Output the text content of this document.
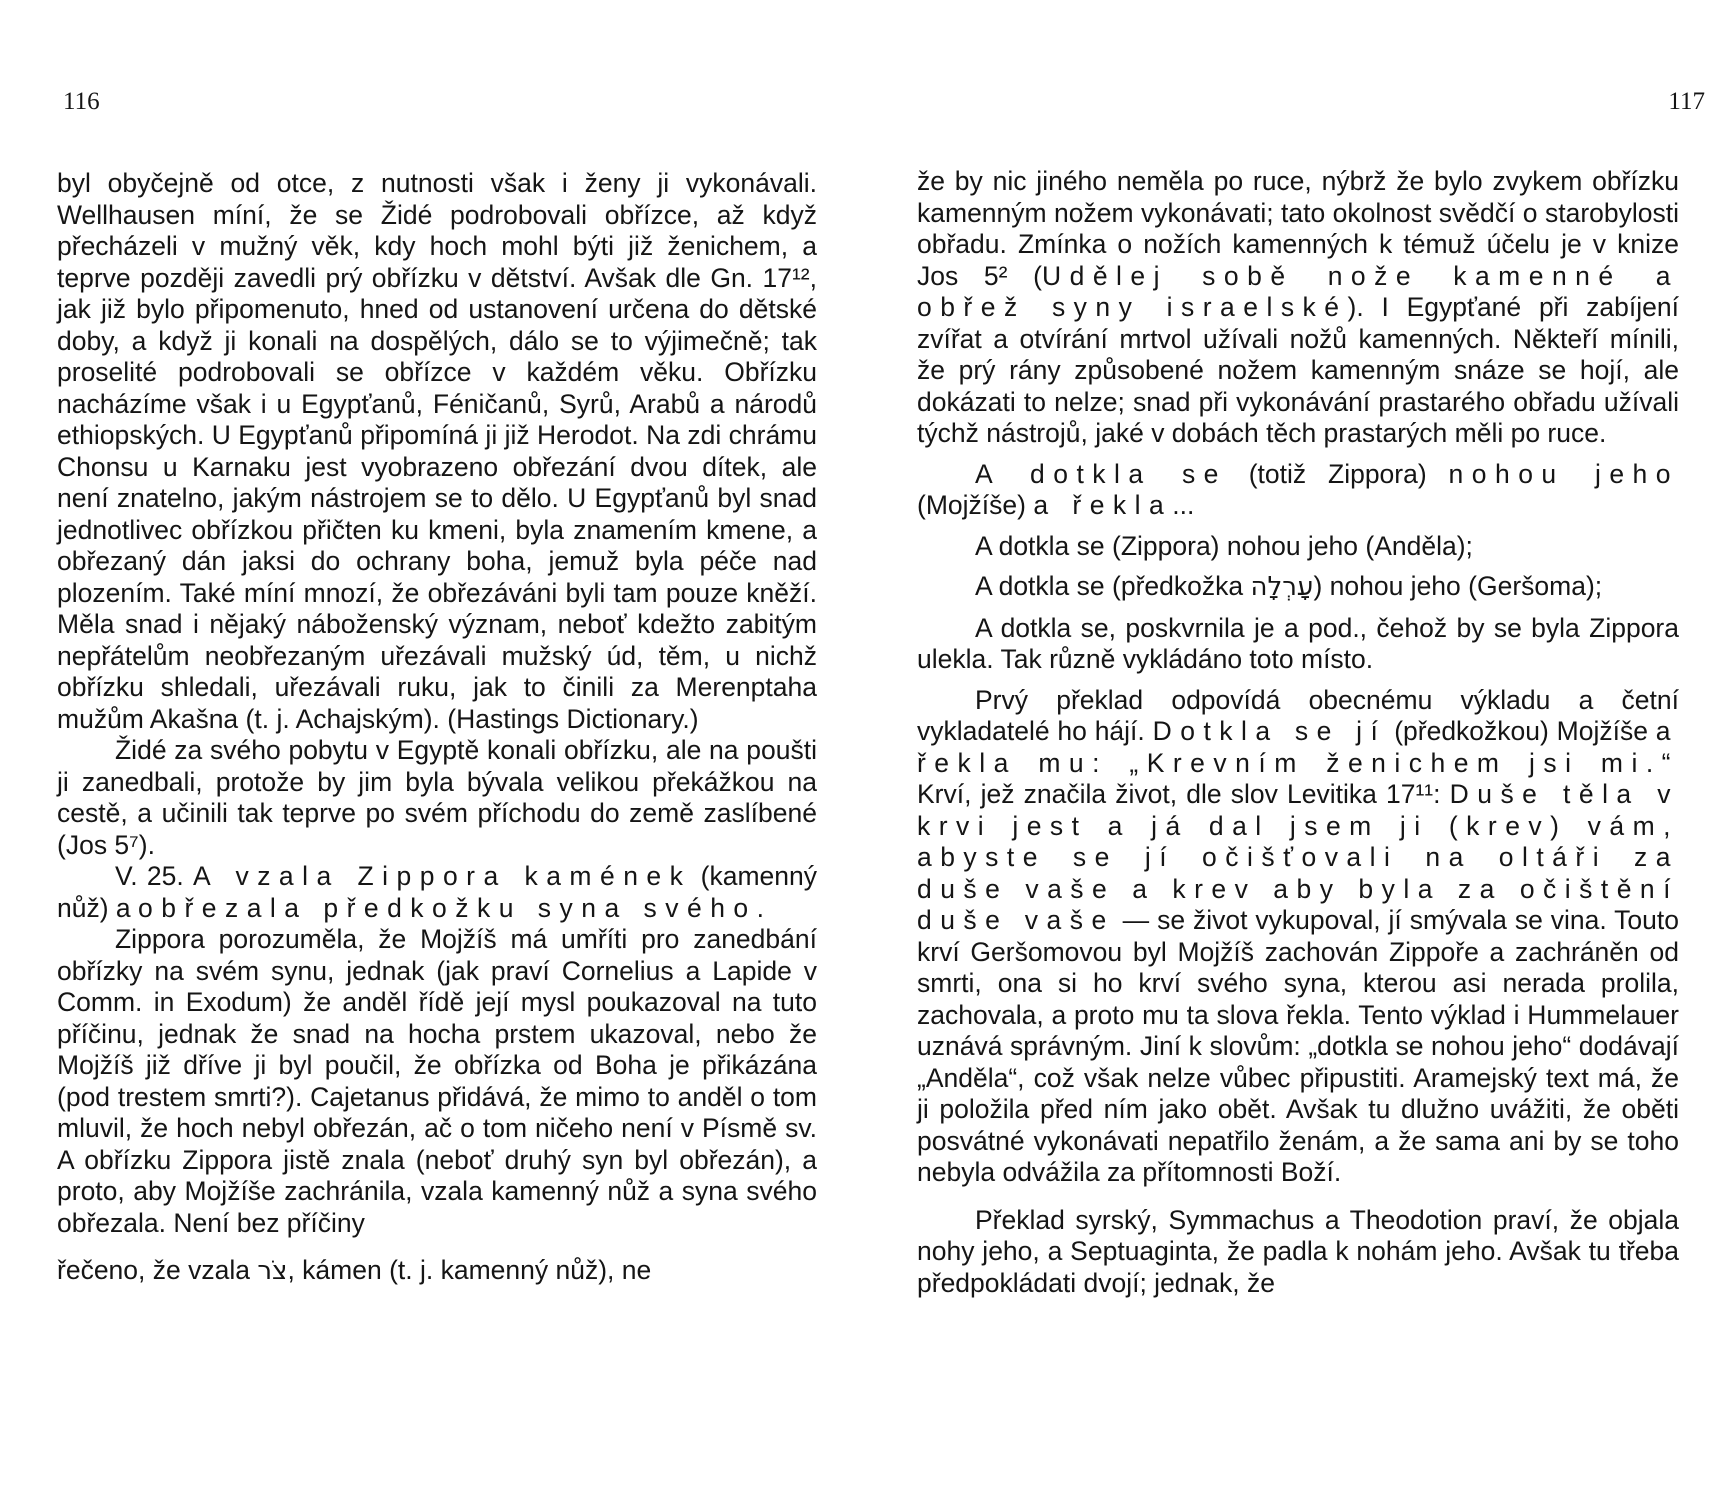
116

byl obyčejně od otce, z nutnosti však i ženy ji vykonávali. Wellhausen míní, že se Židé podrobovali obřízce, až když přecházeli v mužný věk, kdy hoch mohl býti již ženichem, a teprve později zavedli prý obřízku v dětství. Avšak dle Gn. 17¹², jak již bylo připomenuto, hned od ustanovení určena do dětské doby, a když ji konali na dospělých, dálo se to výjimečně; tak proselité podrobovali se obřízce v každém věku. Obřízku nacházíme však i u Egypťanů, Féničanů, Syrů, Arabů a národů ethiopských. U Egypťanů připomíná ji již Herodot. Na zdi chrámu Chonsu u Karnaku jest vyobrazeno obřezání dvou dítek, ale není znatelno, jakým nástrojem se to dělo. U Egypťanů byl snad jednotlivec obřízkou přičten ku kmeni, byla znamením kmene, a obřezaný dán jaksi do ochrany boha, jemuž byla péče nad plozením. Také míní mnozí, že obřezáváni byli tam pouze kněží. Měla snad i nějaký náboženský význam, neboť kdežto zabitým nepřátelům neobřezaným uřezávali mužský úd, těm, u nichž obřízku shledali, uřezávali ruku, jak to činili za Merenptaha mužům Akašna (t. j. Achajským). (Hastings Dictionary.)

Židé za svého pobytu v Egyptě konali obřízku, ale na poušti ji zanedbali, protože by jim byla bývala velikou překážkou na cestě, a učinili tak teprve po svém příchodu do země zaslíbené (Jos 5⁷).

V. 25. A vzala Zippora kamének (kamenný nůž) a obřezala předkožku syna svého.

Zippora porozuměla, že Mojžíš má umříti pro zanedbání obřízky na svém synu, jednak (jak praví Cornelius a Lapide v Comm. in Exodum) že anděl řídě její mysl poukazoval na tuto příčinu, jednak že snad na hocha prstem ukazoval, nebo že Mojžíš již dříve ji byl poučil, že obřízka od Boha je přikázána (pod trestem smrti?). Cajetanus přidává, že mimo to anděl o tom mluvil, že hoch nebyl obřezán, ač o tom ničeho není v Písmě sv. A obřízku Zippora jistě znala (neboť druhý syn byl obřezán), a proto, aby Mojžíše zachránila, vzala kamenný nůž a syna svého obřezala. Není bez příčiny

řečeno, že vzala צֹר, kámen (t. j. kamenný nůž), ne

117

že by nic jiného neměla po ruce, nýbrž že bylo zvykem obřízku kamenným nožem vykonávati; tato okolnost svědčí o starobylosti obřadu. Zmínka o nožích kamenných k témuž účelu je v knize Jos 5² (Udělej sobě nože kamenné a obřež syny israelské). I Egypťané při zabíjení zvířat a otvírání mrtvol užívali nožů kamenných. Někteří mínili, že prý rány způsobené nožem kamenným snáze se hojí, ale dokázati to nelze; snad při vykonávání prastarého obřadu užívali týchž nástrojů, jaké v dobách těch prastarých měli po ruce.

A dotkla se (totiž Zippora) nohou jeho (Mojžíše) a řekla...

A dotkla se (Zippora) nohou jeho (Anděla);

A dotkla se (předkožka עָרְלָה) nohou jeho (Geršoma);

A dotkla se, poskvrnila je a pod., čehož by se byla Zippora ulekla. Tak různě vykládáno toto místo.

Prvý překlad odpovídá obecnému výkladu a četní vykladatelé ho hájí. Dotkla se jí (předkožkou) Mojžíše a řekla mu: „Krevním ženichem jsi mi.“ Krví, jež značila život, dle slov Levitika 17¹¹: Duše těla v krvi jest a já dal jsem ji (krev) vám, abyste se jí očišťovali na oltáři za duše vaše a krev aby byla za očištění duše vaše — se život vykupoval, jí smývala se vina. Touto krví Geršomovou byl Mojžíš zachován Zippoře a zachráněn od smrti, ona si ho krví svého syna, kterou asi nerada prolila, zachovala, a proto mu ta slova řekla. Tento výklad i Hummelauer uznává správným. Jiní k slovům: „dotkla se nohou jeho“ dodávají „Anděla“, což však nelze vůbec připustiti. Aramejský text má, že ji položila před ním jako obět. Avšak tu dlužno uvážiti, že oběti posvátné vykonávati nepatřilo ženám, a že sama ani by se toho nebyla odvážila za přítomnosti Boží.

Překlad syrský, Symmachus a Theodotion praví, že objala nohy jeho, a Septuaginta, že padla k nohám jeho. Avšak tu třeba předpokládati dvojí; jednak, že
